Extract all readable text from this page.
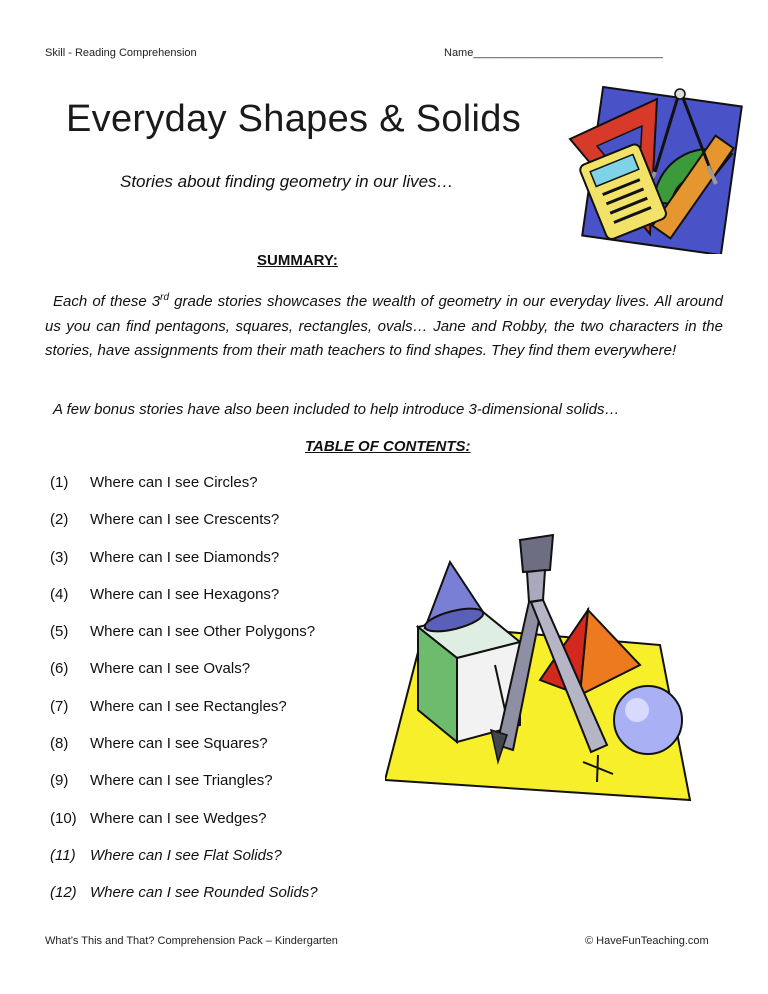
Skill - Reading Comprehension	Name_______________________________
Everyday Shapes & Solids
Stories about finding geometry in our lives…
SUMMARY:
Each of these 3rd grade stories showcases the wealth of geometry in our everyday lives. All around us you can find pentagons, squares, rectangles, ovals… Jane and Robby, the two characters in the stories, have assignments from their math teachers to find shapes. They find them everywhere!
A few bonus stories have also been included to help introduce 3-dimensional solids…
TABLE OF CONTENTS:
(1)	Where can I see Circles?
(2)	Where can I see Crescents?
(3)	Where can I see Diamonds?
(4)	Where can I see Hexagons?
(5)	Where can I see Other Polygons?
(6)	Where can I see Ovals?
(7)	Where can I see Rectangles?
(8)	Where can I see Squares?
(9)	Where can I see Triangles?
(10) Where can I see Wedges?
(11) Where can I see Flat Solids?
(12) Where can I see Rounded Solids?
What’s This and That? Comprehension Pack – Kindergarten	© HaveFunTeaching.com
